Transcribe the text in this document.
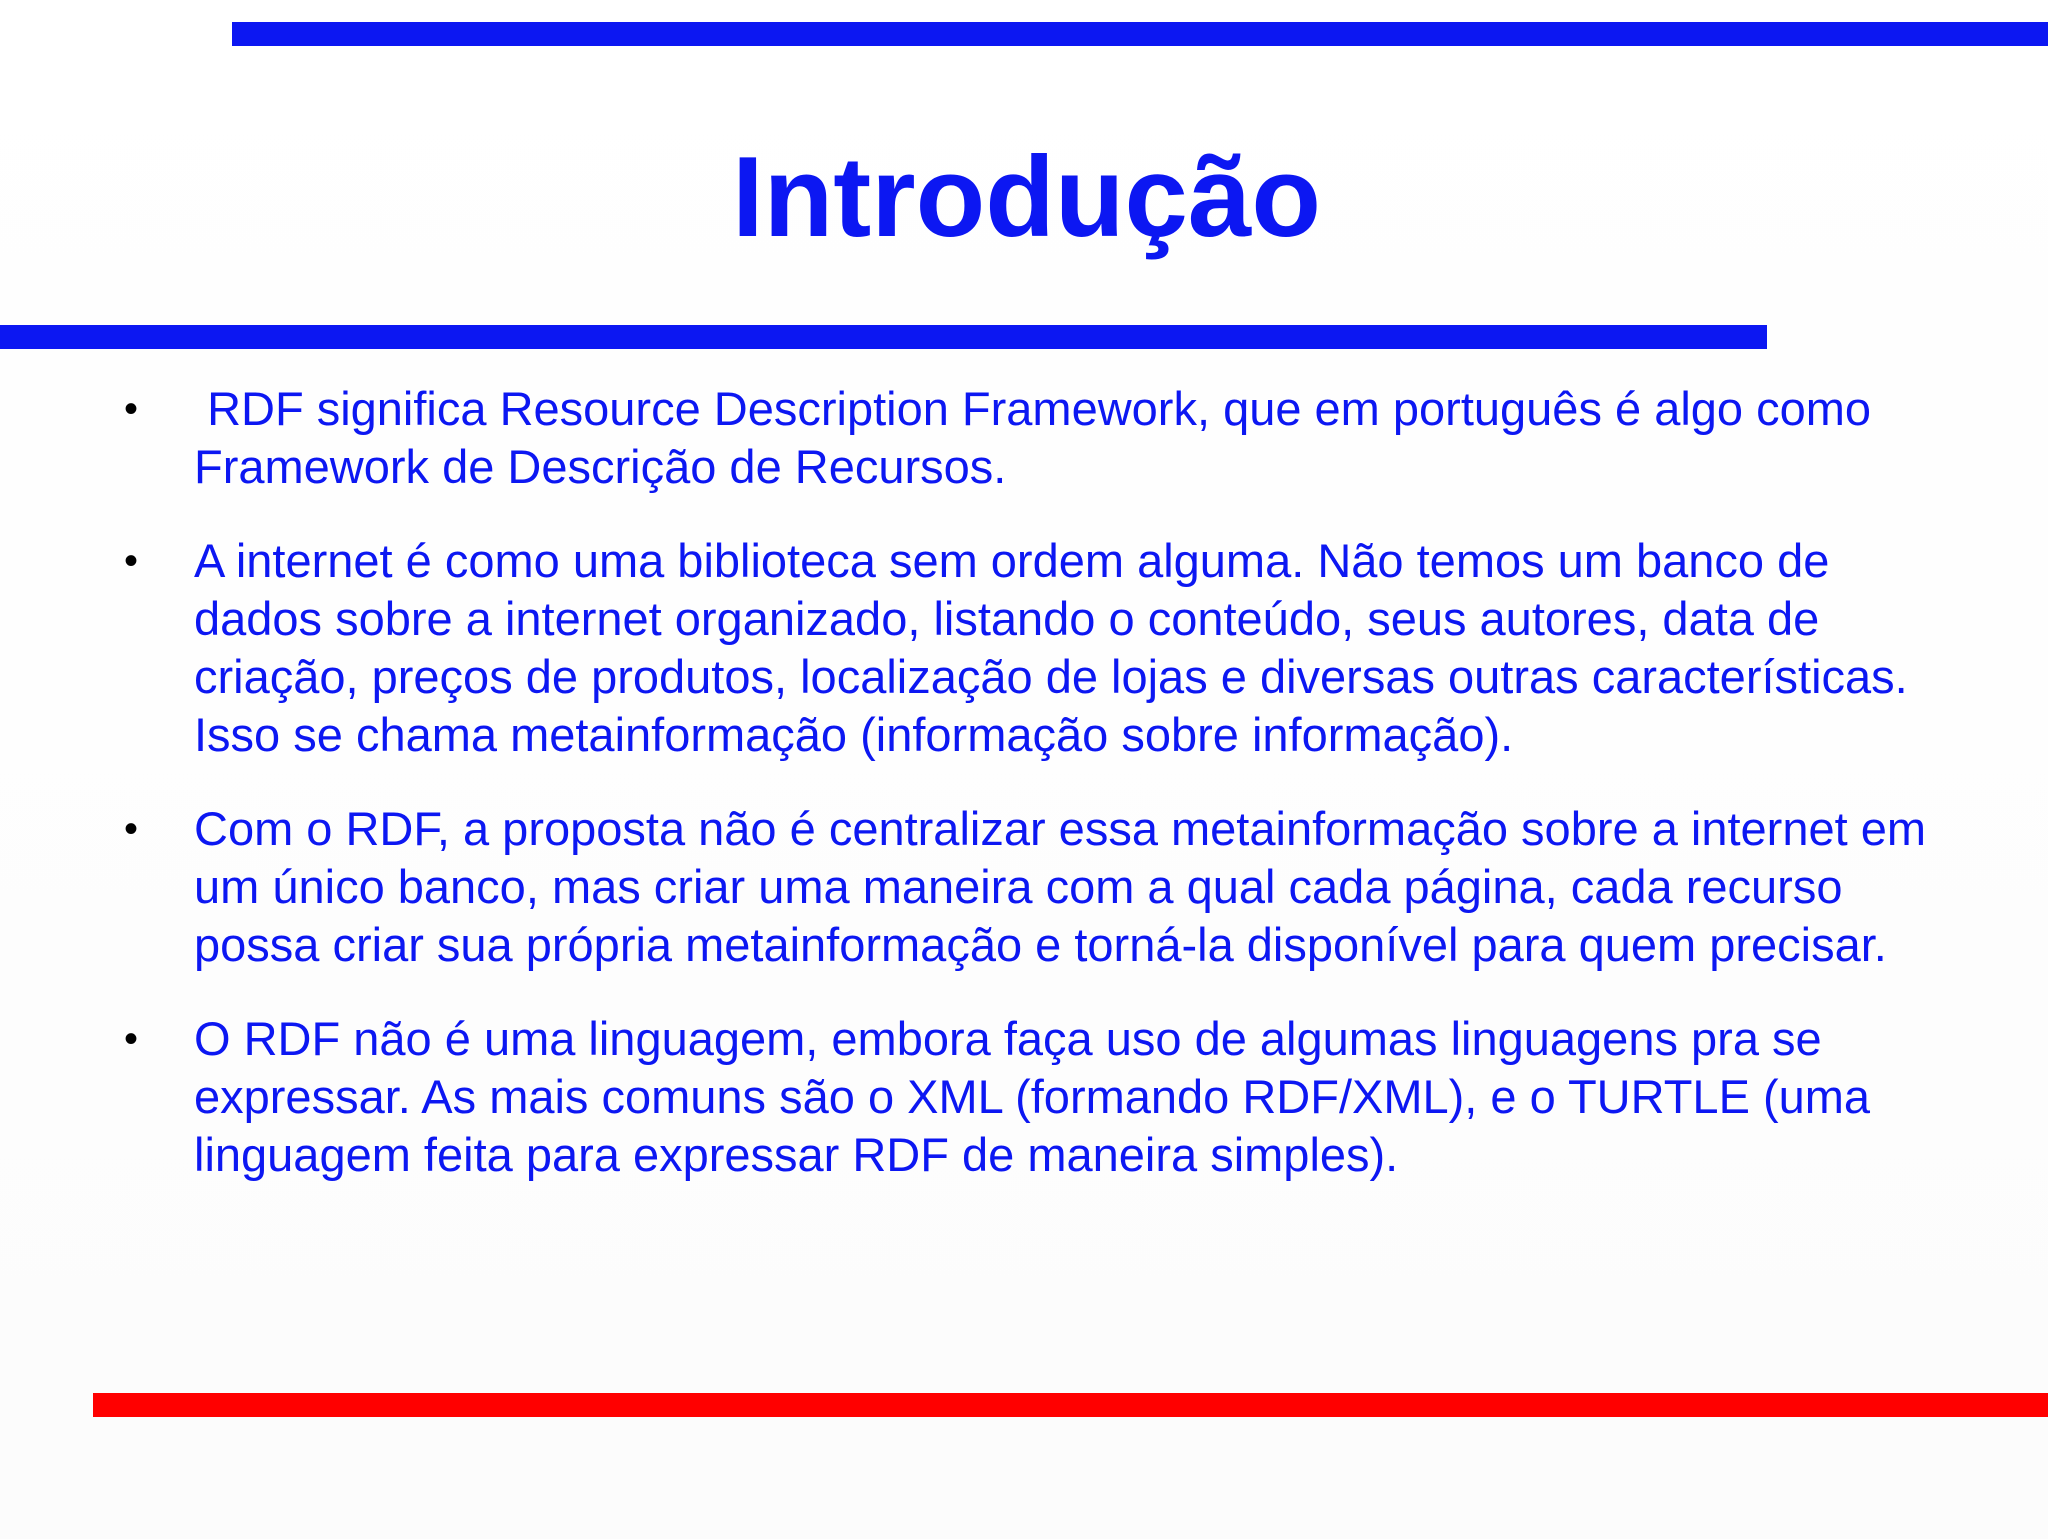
Introdução
• RDF significa Resource Description Framework, que em português é algo como Framework de Descrição de Recursos.
• A internet é como uma biblioteca sem ordem alguma. Não temos um banco de dados sobre a internet organizado, listando o conteúdo, seus autores, data de criação, preços de produtos, localização de lojas e diversas outras características. Isso se chama metainformação (informação sobre informação).
• Com o RDF, a proposta não é centralizar essa metainformação sobre a internet em um único banco, mas criar uma maneira com a qual cada página, cada recurso possa criar sua própria metainformação e torná-la disponível para quem precisar.
• O RDF não é uma linguagem, embora faça uso de algumas linguagens pra se expressar. As mais comuns são o XML (formando RDF/XML), e o TURTLE (uma linguagem feita para expressar RDF de maneira simples).
